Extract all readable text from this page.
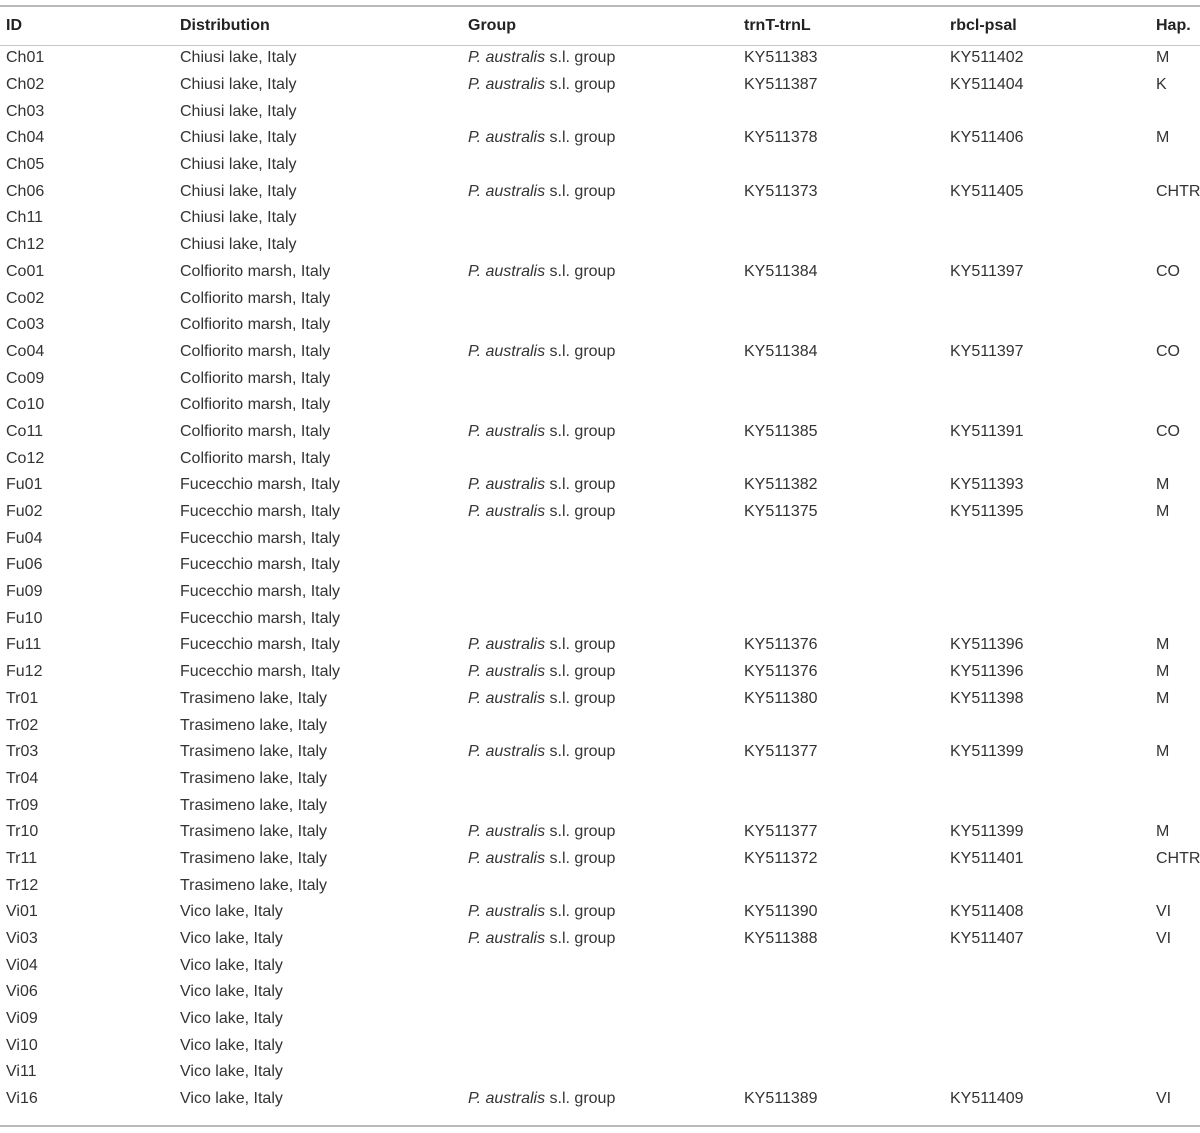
ID	Distribution	Group	trnT-trnL	rbcl-psal	Hap.
Ch01	Chiusi lake, Italy	P. australis s.l. group	KY511383	KY511402	M
Ch02	Chiusi lake, Italy	P. australis s.l. group	KY511387	KY511404	K
Ch03	Chiusi lake, Italy				
Ch04	Chiusi lake, Italy	P. australis s.l. group	KY511378	KY511406	M
Ch05	Chiusi lake, Italy				
Ch06	Chiusi lake, Italy	P. australis s.l. group	KY511373	KY511405	CHTR
Ch11	Chiusi lake, Italy				
Ch12	Chiusi lake, Italy				
Co01	Colfiorito marsh, Italy	P. australis s.l. group	KY511384	KY511397	CO
Co02	Colfiorito marsh, Italy				
Co03	Colfiorito marsh, Italy				
Co04	Colfiorito marsh, Italy	P. australis s.l. group	KY511384	KY511397	CO
Co09	Colfiorito marsh, Italy				
Co10	Colfiorito marsh, Italy				
Co11	Colfiorito marsh, Italy	P. australis s.l. group	KY511385	KY511391	CO
Co12	Colfiorito marsh, Italy				
Fu01	Fucecchio marsh, Italy	P. australis s.l. group	KY511382	KY511393	M
Fu02	Fucecchio marsh, Italy	P. australis s.l. group	KY511375	KY511395	M
Fu04	Fucecchio marsh, Italy				
Fu06	Fucecchio marsh, Italy				
Fu09	Fucecchio marsh, Italy				
Fu10	Fucecchio marsh, Italy				
Fu11	Fucecchio marsh, Italy	P. australis s.l. group	KY511376	KY511396	M
Fu12	Fucecchio marsh, Italy	P. australis s.l. group	KY511376	KY511396	M
Tr01	Trasimeno lake, Italy	P. australis s.l. group	KY511380	KY511398	M
Tr02	Trasimeno lake, Italy				
Tr03	Trasimeno lake, Italy	P. australis s.l. group	KY511377	KY511399	M
Tr04	Trasimeno lake, Italy				
Tr09	Trasimeno lake, Italy				
Tr10	Trasimeno lake, Italy	P. australis s.l. group	KY511377	KY511399	M
Tr11	Trasimeno lake, Italy	P. australis s.l. group	KY511372	KY511401	CHTR
Tr12	Trasimeno lake, Italy				
Vi01	Vico lake, Italy	P. australis s.l. group	KY511390	KY511408	VI
Vi03	Vico lake, Italy	P. australis s.l. group	KY511388	KY511407	VI
Vi04	Vico lake, Italy				
Vi06	Vico lake, Italy				
Vi09	Vico lake, Italy				
Vi10	Vico lake, Italy				
Vi11	Vico lake, Italy				
Vi16	Vico lake, Italy	P. australis s.l. group	KY511389	KY511409	VI
